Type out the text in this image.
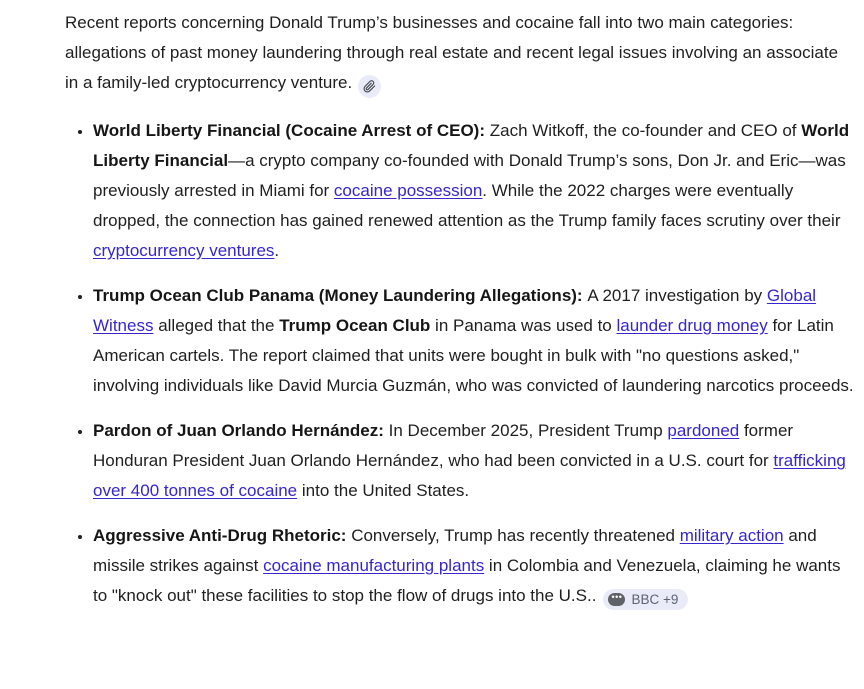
Recent reports concerning Donald Trump’s businesses and cocaine fall into two main categories: allegations of past money laundering through real estate and recent legal issues involving an associate in a family-led cryptocurrency venture.

• World Liberty Financial (Cocaine Arrest of CEO): Zach Witkoff, the co-founder and CEO of World Liberty Financial—a crypto company co-founded with Donald Trump’s sons, Don Jr. and Eric—was previously arrested in Miami for cocaine possession. While the 2022 charges were eventually dropped, the connection has gained renewed attention as the Trump family faces scrutiny over their cryptocurrency ventures.
• Trump Ocean Club Panama (Money Laundering Allegations): A 2017 investigation by Global Witness alleged that the Trump Ocean Club in Panama was used to launder drug money for Latin American cartels. The report claimed that units were bought in bulk with "no questions asked," involving individuals like David Murcia Guzmán, who was convicted of laundering narcotics proceeds.
• Pardon of Juan Orlando Hernández: In December 2025, President Trump pardoned former Honduran President Juan Orlando Hernández, who had been convicted in a U.S. court for trafficking over 400 tonnes of cocaine into the United States.
• Aggressive Anti-Drug Rhetoric: Conversely, Trump has recently threatened military action and missile strikes against cocaine manufacturing plants in Colombia and Venezuela, claiming he wants to "knock out" these facilities to stop the flow of drugs into the U.S..	••• BBC +9
